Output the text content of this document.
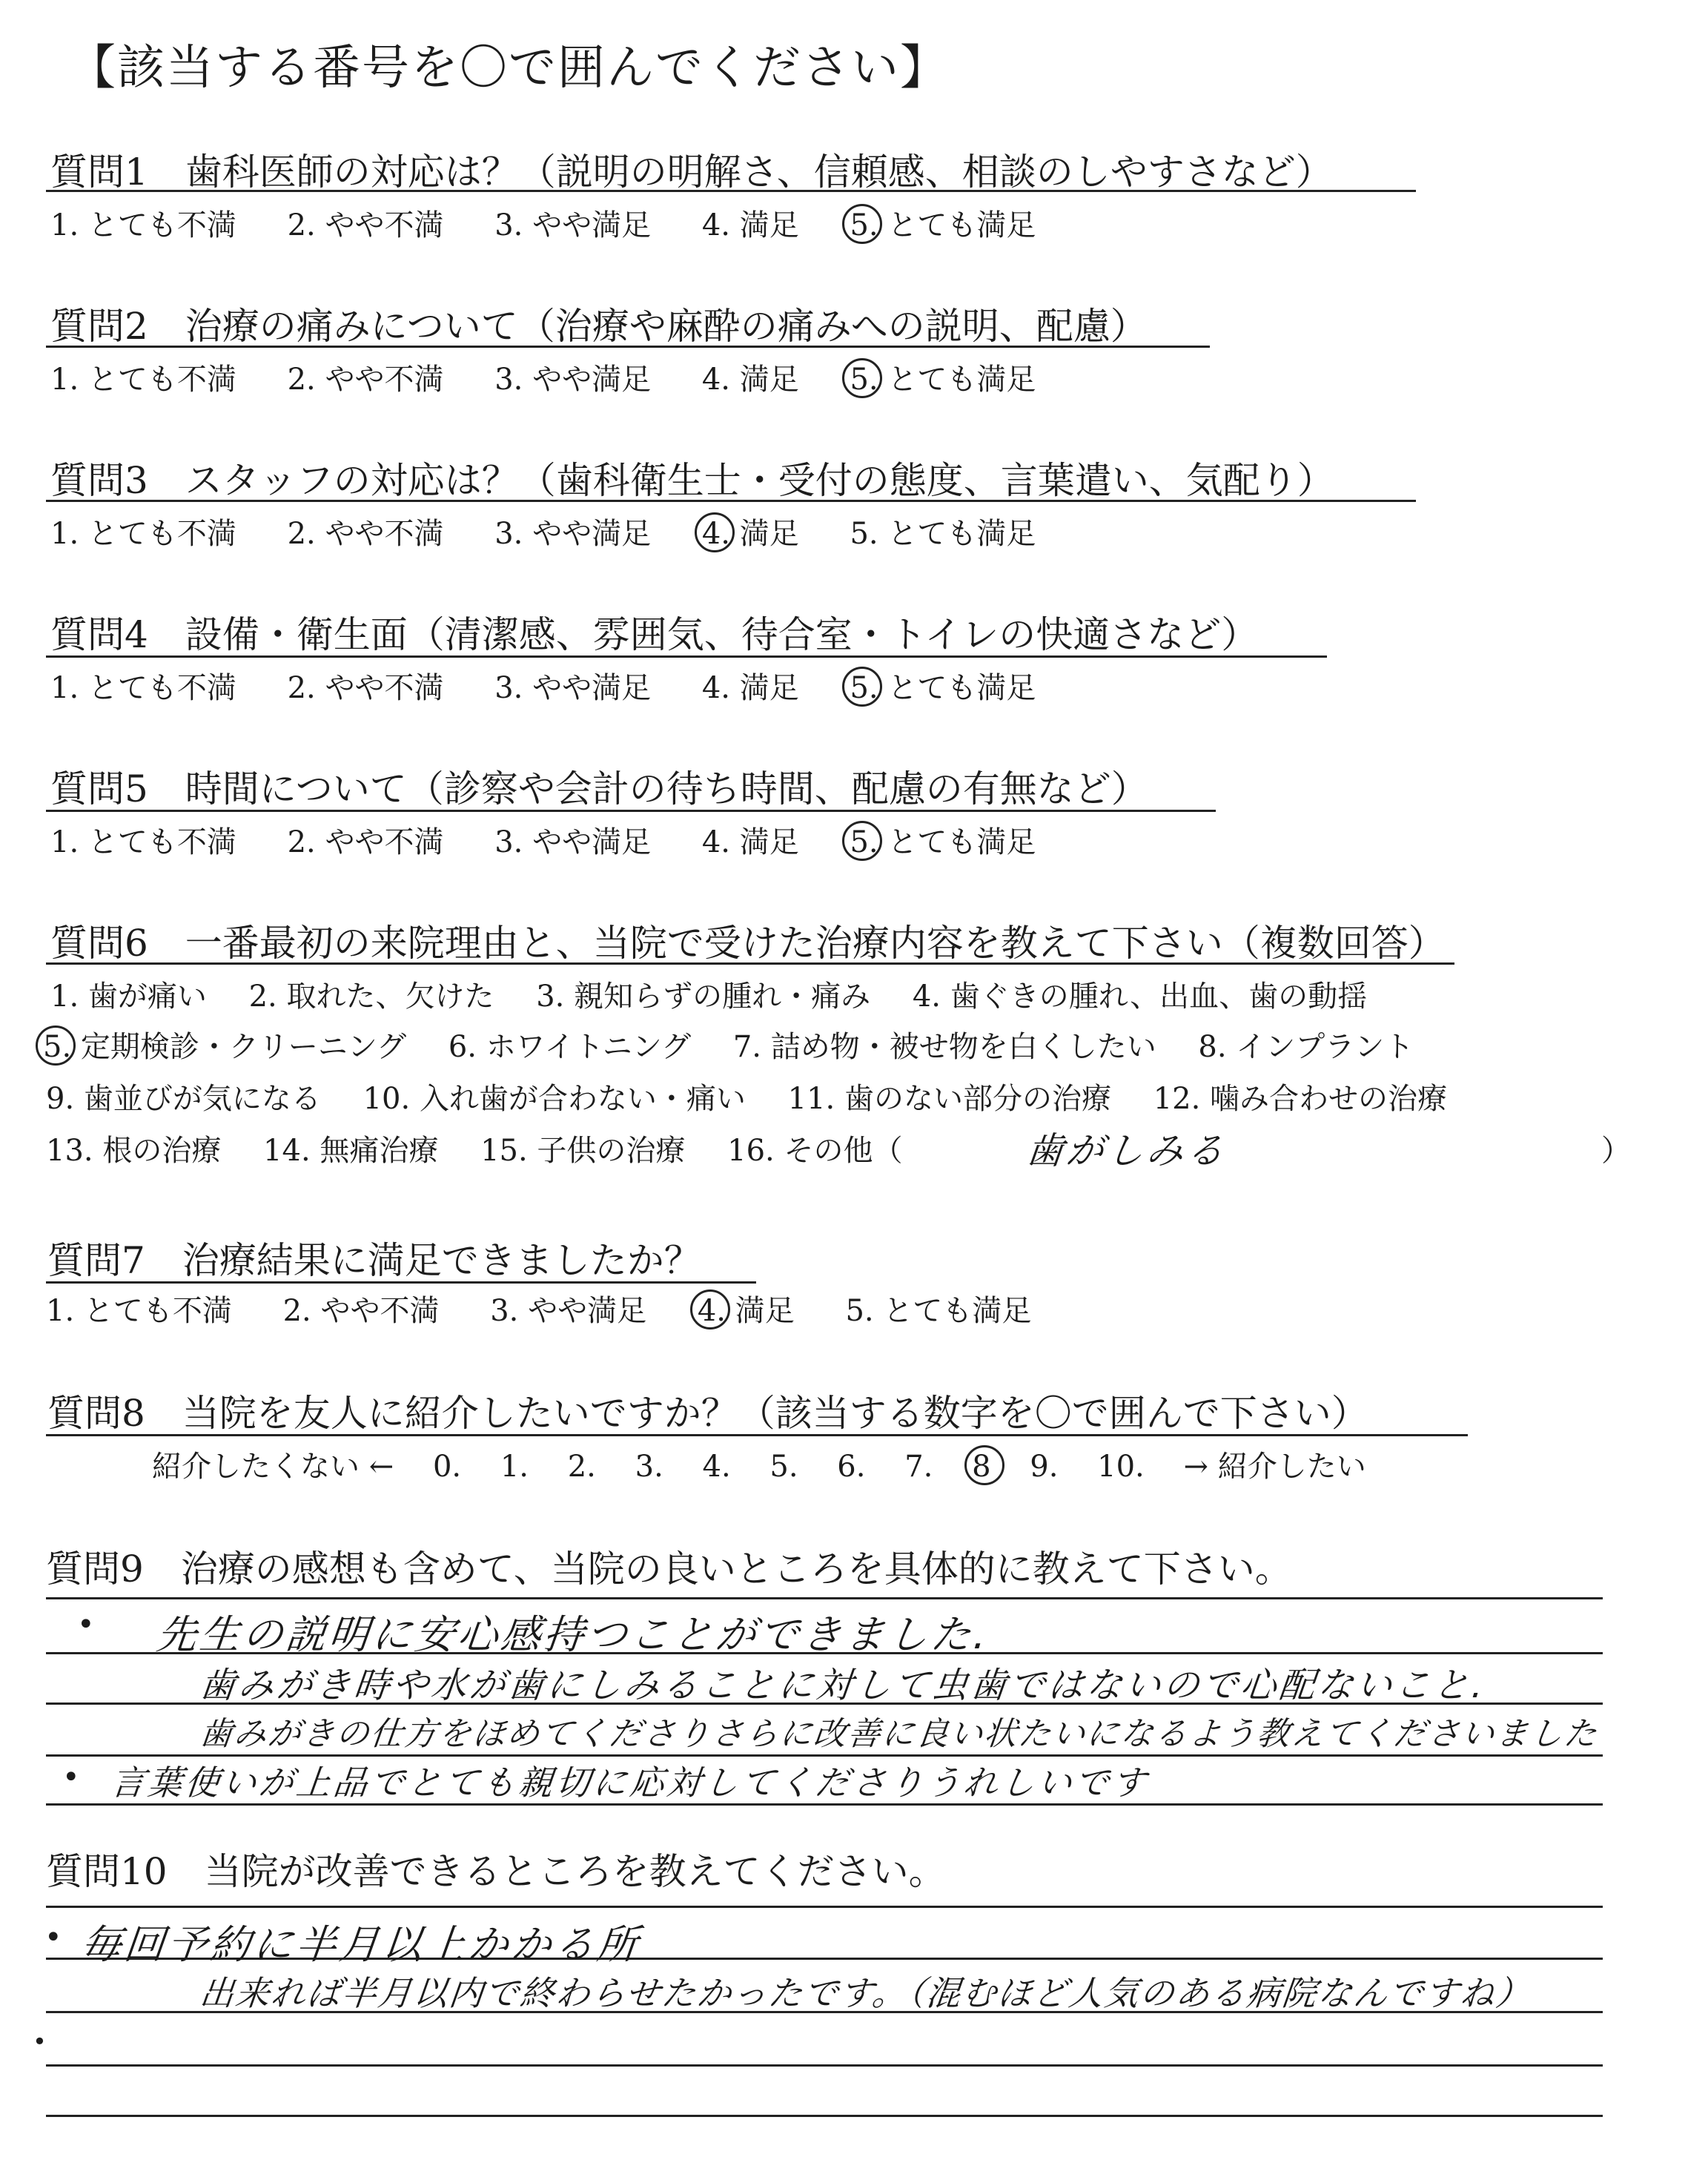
【該当する番号を〇で囲んでください】
質問1　歯科医師の対応は？（説明の明解さ、信頼感、相談のしやすさなど）
1. とても不満 2. やや不満 3. やや満足 4. 満足 5. とても満足
質問2　治療の痛みについて（治療や麻酔の痛みへの説明、配慮）
1. とても不満 2. やや不満 3. やや満足 4. 満足 5. とても満足
質問3　スタッフの対応は？（歯科衛生士・受付の態度、言葉遣い、気配り）
1. とても不満 2. やや不満 3. やや満足 4. 満足 5. とても満足
質問4　設備・衛生面（清潔感、雰囲気、待合室・トイレの快適さなど）
1. とても不満 2. やや不満 3. やや満足 4. 満足 5. とても満足
質問5　時間について（診察や会計の待ち時間、配慮の有無など）
1. とても不満 2. やや不満 3. やや満足 4. 満足 5. とても満足
質問6　一番最初の来院理由と、当院で受けた治療内容を教えて下さい（複数回答）
1. 歯が痛い 2. 取れた、欠けた 3. 親知らずの腫れ・痛み 4. 歯ぐきの腫れ、出血、歯の動揺
5. 定期検診・クリーニング 6. ホワイトニング 7. 詰め物・被せ物を白くしたい 8. インプラント
9. 歯並びが気になる 10. 入れ歯が合わない・痛い 11. 歯のない部分の治療 12. 噛み合わせの治療
13. 根の治療 14. 無痛治療 15. 子供の治療 16. その他（	歯がしみる	）
質問7　治療結果に満足できましたか？
1. とても不満 2. やや不満 3. やや満足 4. 満足 5. とても満足
質問8　当院を友人に紹介したいですか？（該当する数字を〇で囲んで下さい）
紹介したくない ← 0. 1. 2. 3. 4. 5. 6. 7. 8 9. 10. → 紹介したい
質問9　治療の感想も含めて、当院の良いところを具体的に教えて下さい。
• 先生の説明に安心感持つことができました.
歯みがき時や水が歯にしみることに対して虫歯ではないので心配ないこと.
歯みがきの仕方をほめてくださりさらに改善に良い状たいになるよう教えてくださいました
• 言葉使いが上品でとても親切に応対してくださりうれしいです
質問10　当院が改善できるところを教えてください。
• 毎回予約に半月以上かかる所
出来れば半月以内で終わらせたかったです。（混むほど人気のある病院なんですね）
•
